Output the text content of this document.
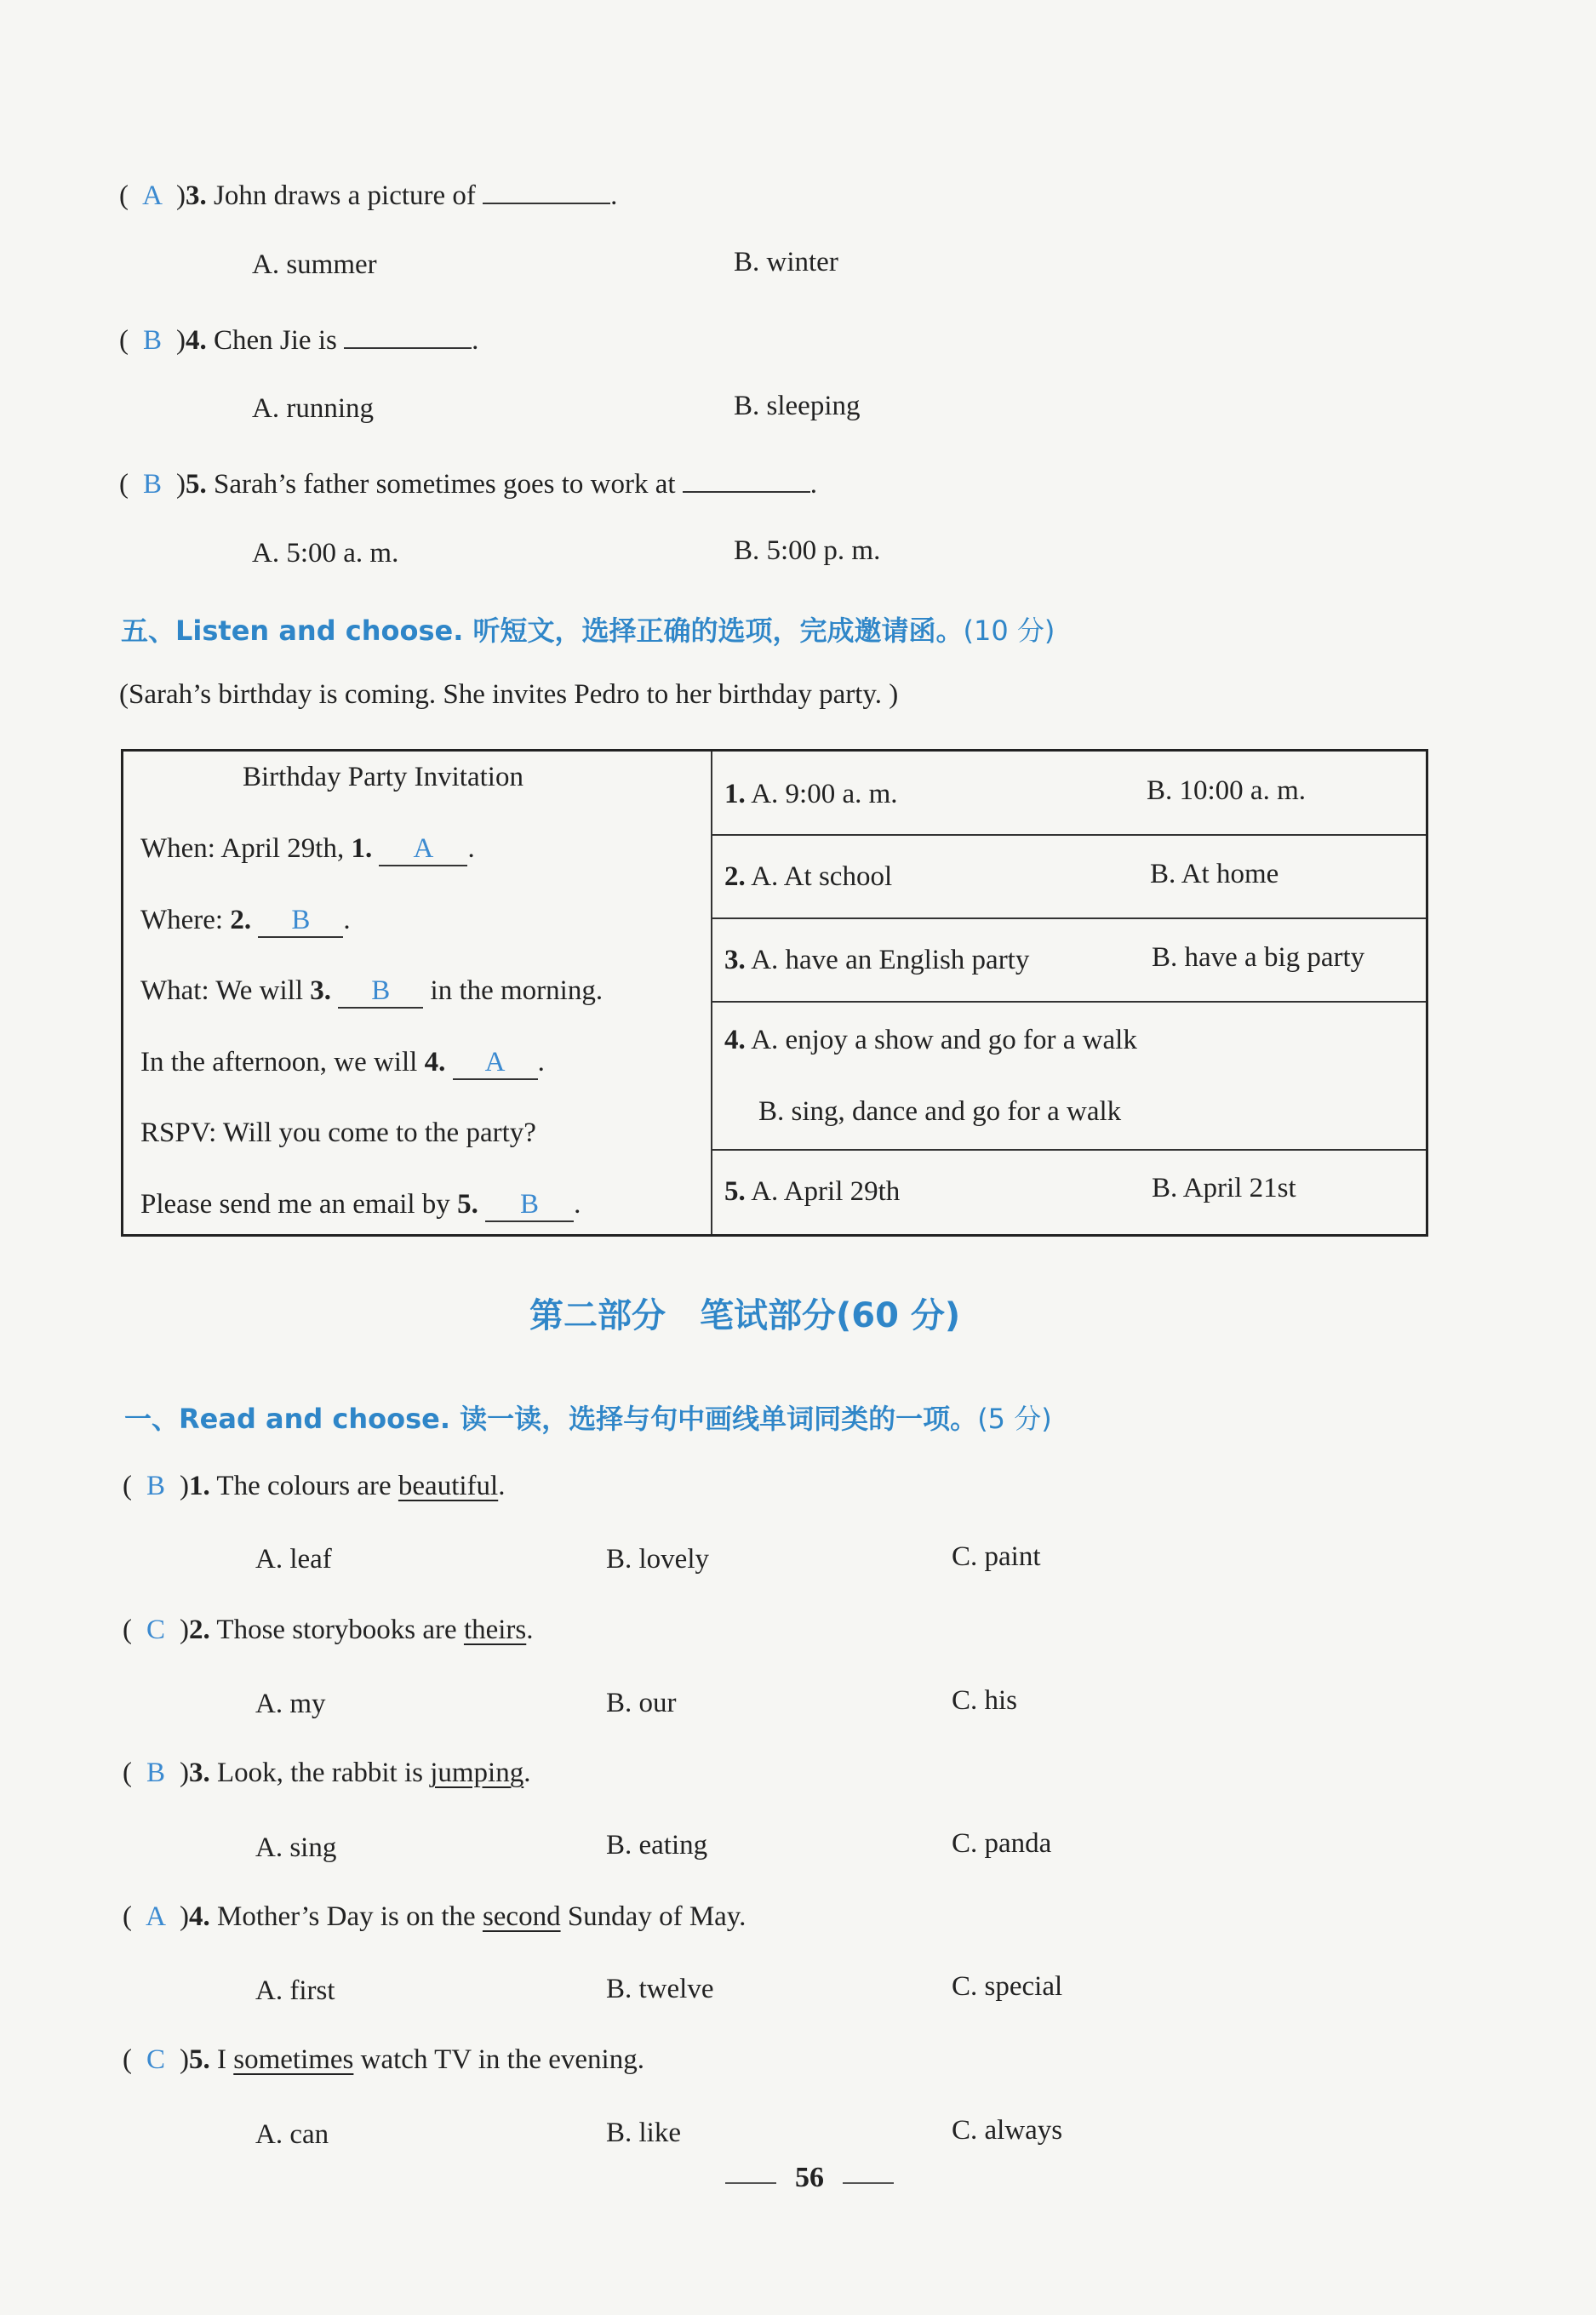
( A )3. John draws a picture of	.
A. summer	B. winter
( B )4. Chen Jie is	.
A. running	B. sleeping
( B )5. Sarah’s father sometimes goes to work at	.
A. 5:00 a. m.	B. 5:00 p. m.
五、Listen and choose. 听短文，选择正确的选项，完成邀请函。(10 分)
(Sarah’s birthday is coming. She invites Pedro to her birthday party. )
Birthday Party Invitation
When: April 29th, 1. A .
Where: 2. B .
What: We will 3. B in the morning.
In the afternoon, we will 4. A .
RSPV: Will you come to the party?
Please send me an email by 5. B .

1. A. 9:00 a. m.	B. 10:00 a. m.

2. A. At school	B. At home

3. A. have an English party	B. have a big party

4. A. enjoy a show and go for a walk
B. sing, dance and go for a walk

5. A. April 29th	B. April 21st
第二部分　笔试部分(60 分)
一、Read and choose. 读一读，选择与句中画线单词同类的一项。(5 分)
( B )1. The colours are beautiful.
A. leaf	B. lovely	C. paint
( C )2. Those storybooks are theirs.
A. my	B. our	C. his
( B )3. Look, the rabbit is jumping.
A. sing	B. eating	C. panda
( A )4. Mother’s Day is on the second Sunday of May.
A. first	B. twelve	C. special
( C )5. I sometimes watch TV in the evening.
A. can	B. like	C. always
56
